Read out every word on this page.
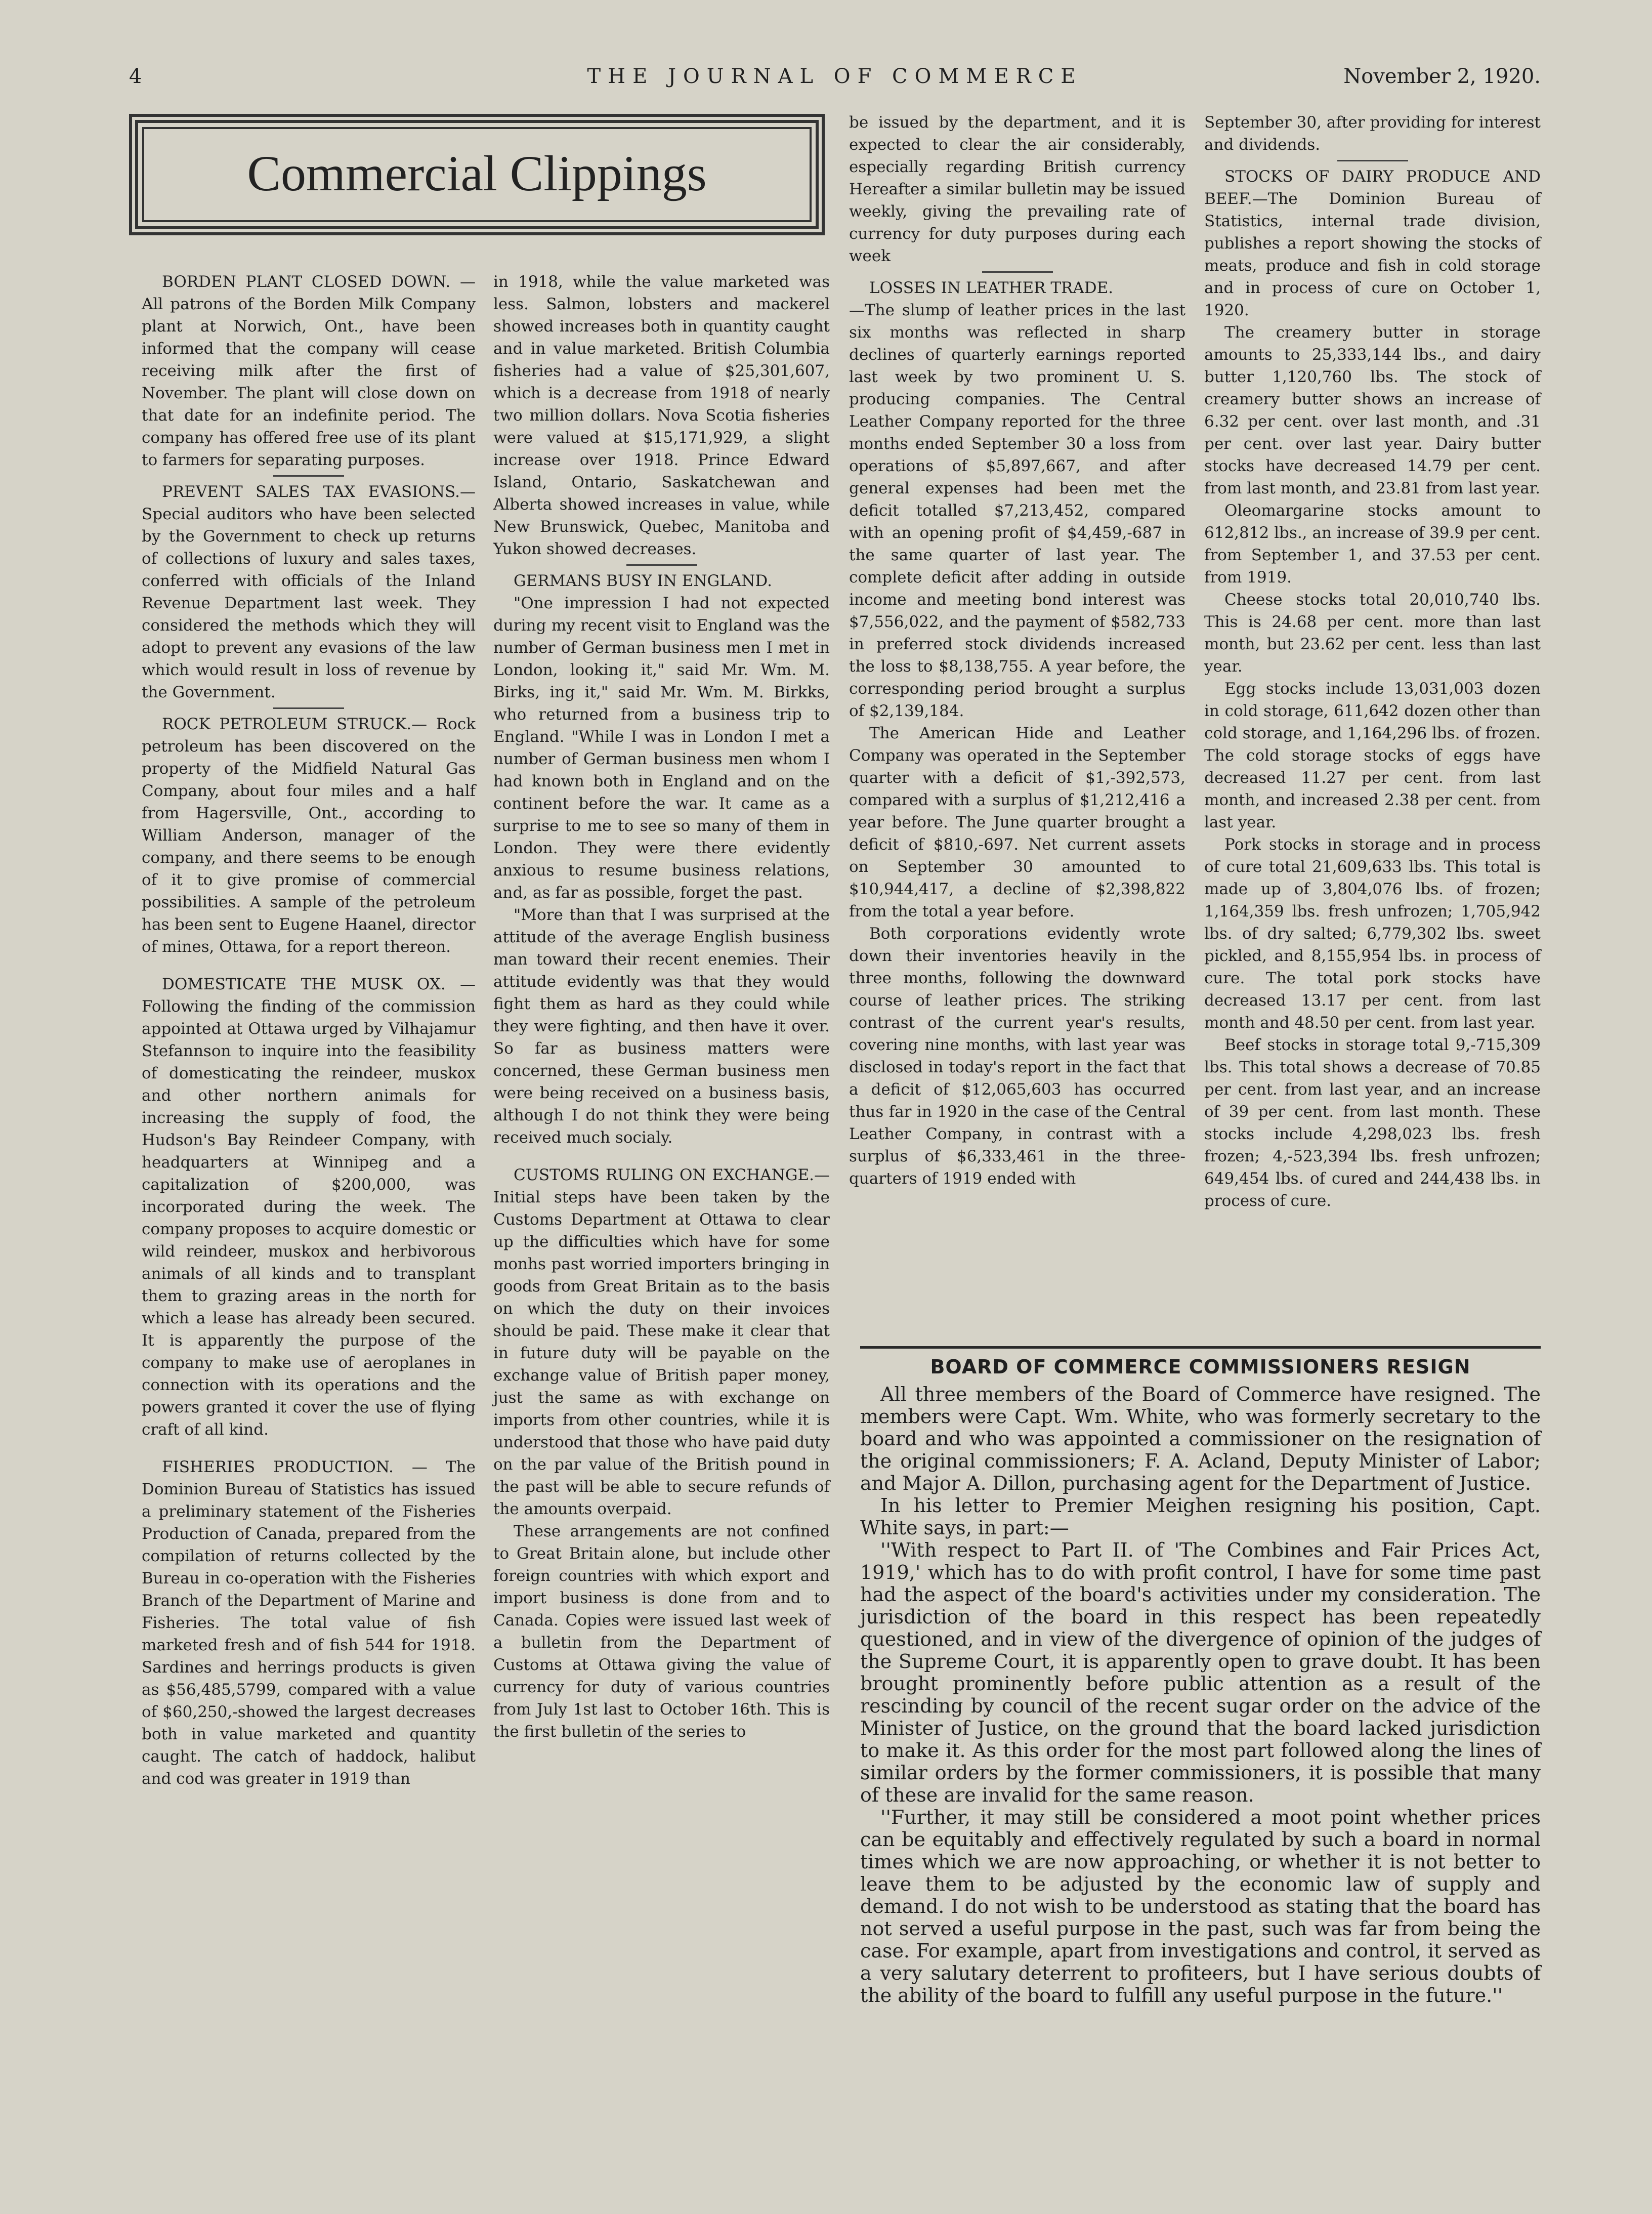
4	THE JOURNAL OF COMMERCE	November 2, 1920.
Commercial Clippings

BORDEN PLANT CLOSED DOWN. —All patrons of the Borden Milk Company plant at Norwich, Ont., have been informed that the company will cease receiving milk after the first of November. The plant will close down on that date for an indefinite period. The company has offered free use of its plant to farmers for separating purposes.

PREVENT SALES TAX EVASIONS.—Special auditors who have been selected by the Government to check up returns of collections of luxury and sales taxes, conferred with officials of the Inland Revenue Department last week. They considered the methods which they will adopt to prevent any evasions of the law which would result in loss of revenue by the Government.

ROCK PETROLEUM STRUCK.— Rock petroleum has been discovered on the property of the Midfield Natural Gas Company, about four miles and a half from Hagersville, Ont., according to William Anderson, manager of the company, and there seems to be enough of it to give promise of commercial possibilities. A sample of the petroleum has been sent to Eugene Haanel, director of mines, Ottawa, for a report thereon.

DOMESTICATE THE MUSK OX. —Following the finding of the commission appointed at Ottawa urged by Vilhajamur Stefannson to inquire into the feasibility of domesticating the reindeer, muskox and other northern animals for increasing the supply of food, the Hudson's Bay Reindeer Company, with headquarters at Winnipeg and a capitalization of $200,000, was incorporated during the week. The company proposes to acquire domestic or wild reindeer, muskox and herbivorous animals of all kinds and to transplant them to grazing areas in the north for which a lease has already been secured. It is apparently the purpose of the company to make use of aeroplanes in connection with its operations and the powers granted it cover the use of flying craft of all kind.

FISHERIES PRODUCTION. — The Dominion Bureau of Statistics has issued a preliminary statement of the Fisheries Production of Canada, prepared from the compilation of returns collected by the Bureau in co-operation with the Fisheries Branch of the Department of Marine and Fisheries. The total value of fish marketed fresh and of fish 544 for 1918. Sardines and herrings products is given as $56,485,5799, compared with a value of $60,250,-showed the largest decreases both in value marketed and quantity caught. The catch of haddock, halibut and cod was greater in 1919 than

in 1918, while the value marketed was less. Salmon, lobsters and mackerel showed increases both in quantity caught and in value marketed. British Columbia fisheries had a value of $25,301,607, which is a decrease from 1918 of nearly two million dollars. Nova Scotia fisheries were valued at $15,171,929, a slight increase over 1918. Prince Edward Island, Ontario, Saskatchewan and Alberta showed increases in value, while New Brunswick, Quebec, Manitoba and Yukon showed decreases.

GERMANS BUSY IN ENGLAND.

"One impression I had not expected during my recent visit to England was the number of German business men I met in London, looking it," said Mr. Wm. M. Birks, ing it," said Mr. Wm. M. Birkks, who returned from a business trip to England. "While I was in London I met a number of German business men whom I had known both in England and on the continent before the war. It came as a surprise to me to see so many of them in London. They were there evidently anxious to resume business relations, and, as far as possible, forget the past.

"More than that I was surprised at the attitude of the average English business man toward their recent enemies. Their attitude evidently was that they would fight them as hard as they could while they were fighting, and then have it over. So far as business matters were concerned, these German business men were being received on a business basis, although I do not think they were being received much socialy.

CUSTOMS RULING ON EXCHANGE.—Initial steps have been taken by the Customs Department at Ottawa to clear up the difficulties which have for some monhs past worried importers bringing in goods from Great Britain as to the basis on which the duty on their invoices should be paid. These make it clear that in future duty will be payable on the exchange value of British paper money, just the same as with exchange on imports from other countries, while it is understood that those who have paid duty on the par value of the British pound in the past will be able to secure refunds of the amounts overpaid.

These arrangements are not confined to Great Britain alone, but include other foreign countries with which export and import business is done from and to Canada. Copies were issued last week of a bulletin from the Department of Customs at Ottawa giving the value of currency for duty of various countries from July 1st last to October 16th. This is the first bulletin of the series to

be issued by the department, and it is expected to clear the air considerably, especially regarding British currency Hereafter a similar bulletin may be issued weekly, giving the prevailing rate of currency for duty purposes during each week

LOSSES IN LEATHER TRADE.

—The slump of leather prices in the last six months was reflected in sharp declines of quarterly earnings reported last week by two prominent U. S. producing companies. The Central Leather Company reported for the three months ended September 30 a loss from operations of $5,897,667, and after general expenses had been met the deficit totalled $7,213,452, compared with an opening profit of $4,459,-687 in the same quarter of last year. The complete deficit after adding in outside income and meeting bond interest was $7,556,022, and the payment of $582,733 in preferred stock dividends increased the loss to $8,138,755. A year before, the corresponding period brought a surplus of $2,139,184.

The American Hide and Leather Company was operated in the September quarter with a deficit of $1,-392,573, compared with a surplus of $1,212,416 a year before. The June quarter brought a deficit of $810,-697. Net current assets on September 30 amounted to $10,944,417, a decline of $2,398,822 from the total a year before.

Both corporations evidently wrote down their inventories heavily in the three months, following the downward course of leather prices. The striking contrast of the current year's results, covering nine months, with last year was disclosed in today's report in the fact that a deficit of $12,065,603 has occurred thus far in 1920 in the case of the Central Leather Company, in contrast with a surplus of $6,333,461 in the three-quarters of 1919 ended with

September 30, after providing for interest and dividends.

STOCKS OF DAIRY PRODUCE AND BEEF.—The Dominion Bureau of Statistics, internal trade division, publishes a report showing the stocks of meats, produce and fish in cold storage and in process of cure on October 1, 1920.

The creamery butter in storage amounts to 25,333,144 lbs., and dairy butter 1,120,760 lbs. The stock of creamery butter shows an increase of 6.32 per cent. over last month, and .31 per cent. over last year. Dairy butter stocks have decreased 14.79 per cent. from last month, and 23.81 from last year.

Oleomargarine stocks amount to 612,812 lbs., an increase of 39.9 per cent. from September 1, and 37.53 per cent. from 1919.

Cheese stocks total 20,010,740 lbs. This is 24.68 per cent. more than last month, but 23.62 per cent. less than last year.

Egg stocks include 13,031,003 dozen in cold storage, 611,642 dozen other than cold storage, and 1,164,296 lbs. of frozen. The cold storage stocks of eggs have decreased 11.27 per cent. from last month, and increased 2.38 per cent. from last year.

Pork stocks in storage and in process of cure total 21,609,633 lbs. This total is made up of 3,804,076 lbs. of frozen; 1,164,359 lbs. fresh unfrozen; 1,705,942 lbs. of dry salted; 6,779,302 lbs. sweet pickled, and 8,155,954 lbs. in process of cure. The total pork stocks have decreased 13.17 per cent. from last month and 48.50 per cent. from last year.

Beef stocks in storage total 9,-715,309 lbs. This total shows a decrease of 70.85 per cent. from last year, and an increase of 39 per cent. from last month. These stocks include 4,298,023 lbs. fresh frozen; 4,-523,394 lbs. fresh unfrozen; 649,454 lbs. of cured and 244,438 lbs. in process of cure.

BOARD OF COMMERCE COMMISSIONERS RESIGN

All three members of the Board of Commerce have resigned. The members were Capt. Wm. White, who was formerly secretary to the board and who was appointed a commissioner on the resignation of the original commissioners; F. A. Acland, Deputy Minister of Labor; and Major A. Dillon, purchasing agent for the Department of Justice.

In his letter to Premier Meighen resigning his position, Capt. White says, in part:—

''With respect to Part II. of 'The Combines and Fair Prices Act, 1919,' which has to do with profit control, I have for some time past had the aspect of the board's activities under my consideration. The jurisdiction of the board in this respect has been repeatedly questioned, and in view of the divergence of opinion of the judges of the Supreme Court, it is apparently open to grave doubt. It has been brought prominently before public attention as a result of the rescinding by council of the recent sugar order on the advice of the Minister of Justice, on the ground that the board lacked jurisdiction to make it. As this order for the most part followed along the lines of similar orders by the former commissioners, it is possible that many of these are invalid for the same reason.

''Further, it may still be considered a moot point whether prices can be equitably and effectively regulated by such a board in normal times which we are now approaching, or whether it is not better to leave them to be adjusted by the economic law of supply and demand. I do not wish to be understood as stating that the board has not served a useful purpose in the past, such was far from being the case. For example, apart from investigations and control, it served as a very salutary deterrent to profiteers, but I have serious doubts of the ability of the board to fulfill any useful purpose in the future.''
